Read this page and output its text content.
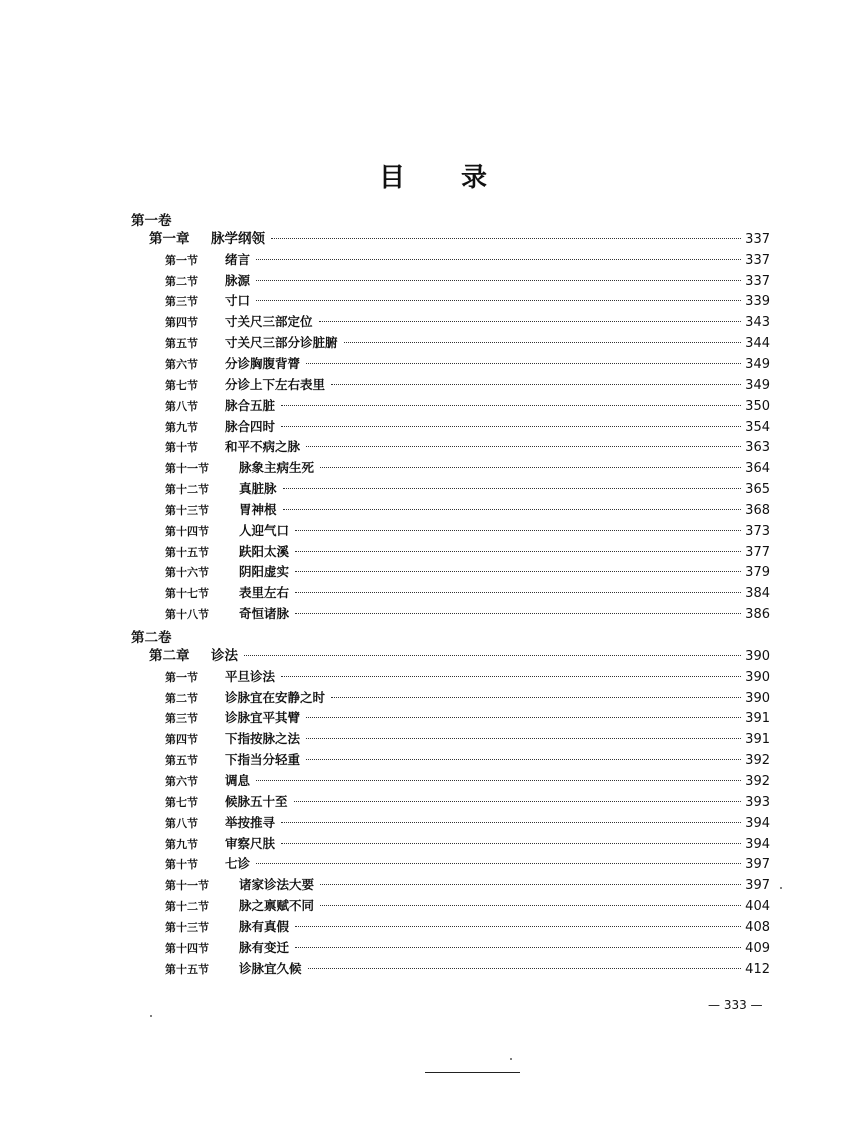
目录
第一卷
第一章	脉学纲领	337
第一节	绪言	337
第二节	脉源	337
第三节	寸口	339
第四节	寸关尺三部定位	343
第五节	寸关尺三部分诊脏腑	344
第六节	分诊胸腹背膂	349
第七节	分诊上下左右表里	349
第八节	脉合五脏	350
第九节	脉合四时	354
第十节	和平不病之脉	363
第十一节	脉象主病生死	364
第十二节	真脏脉	365
第十三节	胃神根	368
第十四节	人迎气口	373
第十五节	趺阳太溪	377
第十六节	阴阳虚实	379
第十七节	表里左右	384
第十八节	奇恒诸脉	386
第二卷
第二章	诊法	390
第一节	平旦诊法	390
第二节	诊脉宜在安静之时	390
第三节	诊脉宜平其臂	391
第四节	下指按脉之法	391
第五节	下指当分轻重	392
第六节	调息	392
第七节	候脉五十至	393
第八节	举按推寻	394
第九节	审察尺肤	394
第十节	七诊	397
第十一节	诸家诊法大要	397
第十二节	脉之禀赋不同	404
第十三节	脉有真假	408
第十四节	脉有变迁	409
第十五节	诊脉宜久候	412
— 333 —
